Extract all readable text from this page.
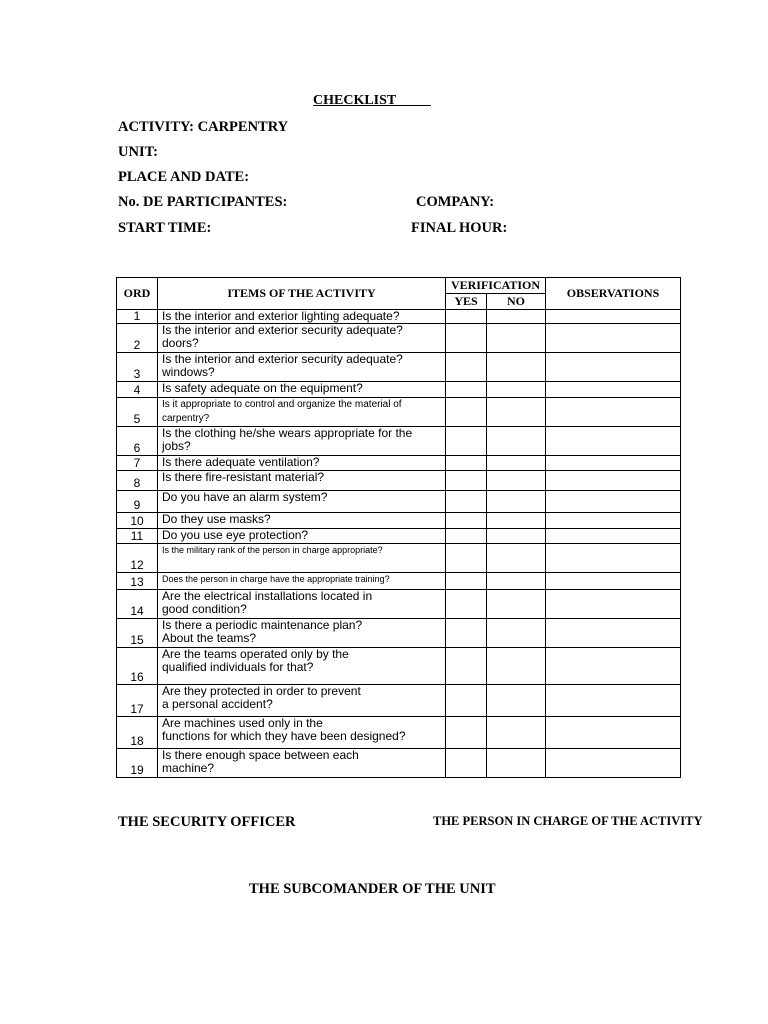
CHECKLIST
ACTIVITY: CARPENTRY
UNIT:
PLACE AND DATE:
No. DE PARTICIPANTES:	COMPANY:
START TIME:	FINAL HOUR:
ORD	ITEMS OF THE ACTIVITY	VERIFICATION		OBSERVATIONS
		YES	NO	
1	Is the interior and exterior lighting adequate?			

2	Is the interior and exterior security adequate?
doors?			

3	Is the interior and exterior security adequate?
windows?			

4	Is safety adequate on the equipment?			

5	Is it appropriate to control and organize the material of
carpentry?			

6	Is the clothing he/she wears appropriate for the
jobs?			

7	Is there adequate ventilation?			

8	Is there fire-resistant material?			

9	Do you have an alarm system?			

10	Do they use masks?			

11	Do you use eye protection?			

12	Is the military rank of the person in charge appropriate?			

13	Does the person in charge have the appropriate training?			

14	Are the electrical installations located in
good condition?			

15	Is there a periodic maintenance plan?
About the teams?			

16	Are the teams operated only by the
qualified individuals for that?			

17	Are they protected in order to prevent
a personal accident?			

18	Are machines used only in the
functions for which they have been designed?			

19	Is there enough space between each
machine?			

THE SECURITY OFFICER	THE PERSON IN CHARGE OF THE ACTIVITY
THE SUBCOMANDER OF THE UNIT
